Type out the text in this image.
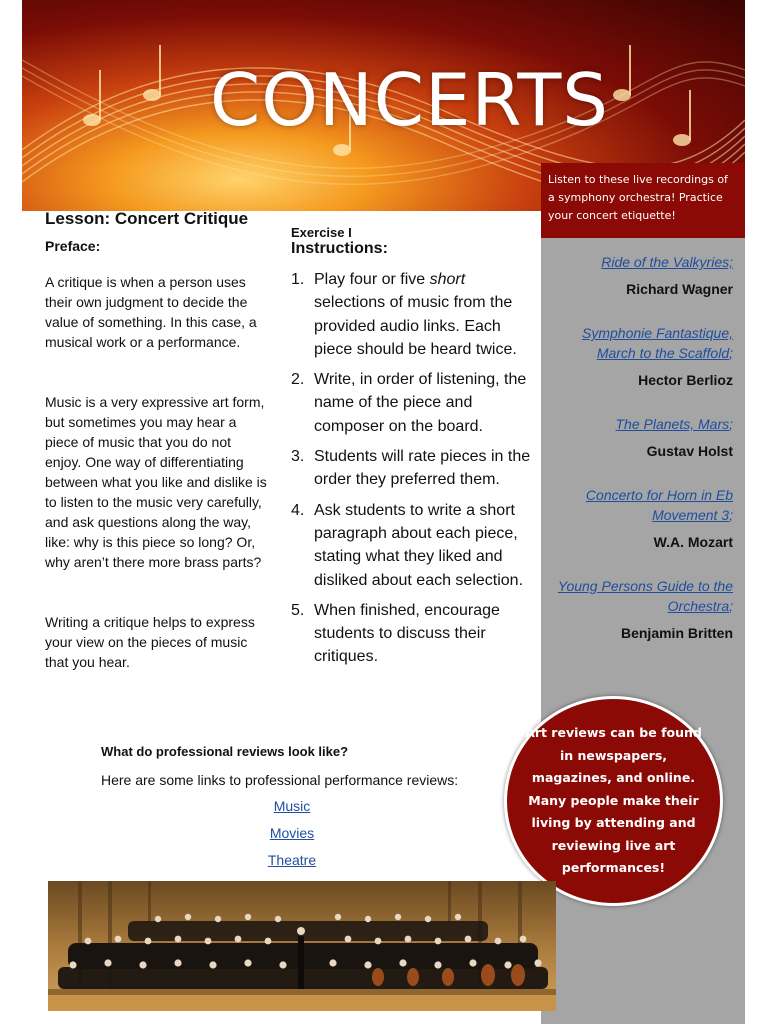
CONCERTS
Listen to these live recordings of a symphony orchestra! Practice your concert etiquette!
Ride of the Valkyries;
Richard Wagner
Symphonie Fantastique,
March to the Scaffold;
Hector Berlioz
The Planets, Mars;
Gustav Holst
Concerto for Horn in Eb
Movement 3;
W.A. Mozart
Young Persons Guide to the
Orchestra;
Benjamin Britten
Lesson: Concert Critique
Preface:

A critique is when a person uses their own judgment to decide the value of something. In this case, a musical work or a performance.

Music is a very expressive art form, but sometimes you may hear a piece of music that you do not enjoy. One way of differentiating between what you like and dislike is to listen to the music very carefully, and ask questions along the way, like: why is this piece so long? Or, why aren’t there more brass parts?

Writing a critique helps to express your view on the pieces of music that you hear.

Exercise I
Instructions:
1. Play four or five short selections of music from the provided audio links. Each piece should be heard twice.
2. Write, in order of listening, the name of the piece and composer on the board.
3. Students will rate pieces in the order they preferred them.
4. Ask students to write a short paragraph about each piece, stating what they liked and disliked about each selection.
5. When finished, encourage students to discuss their critiques.
What do professional reviews look like?
Here are some links to professional performance reviews:
Music
Movies
Theatre
Art reviews can be found in newspapers, magazines, and online. Many people make their living by attending and reviewing live art performances!
